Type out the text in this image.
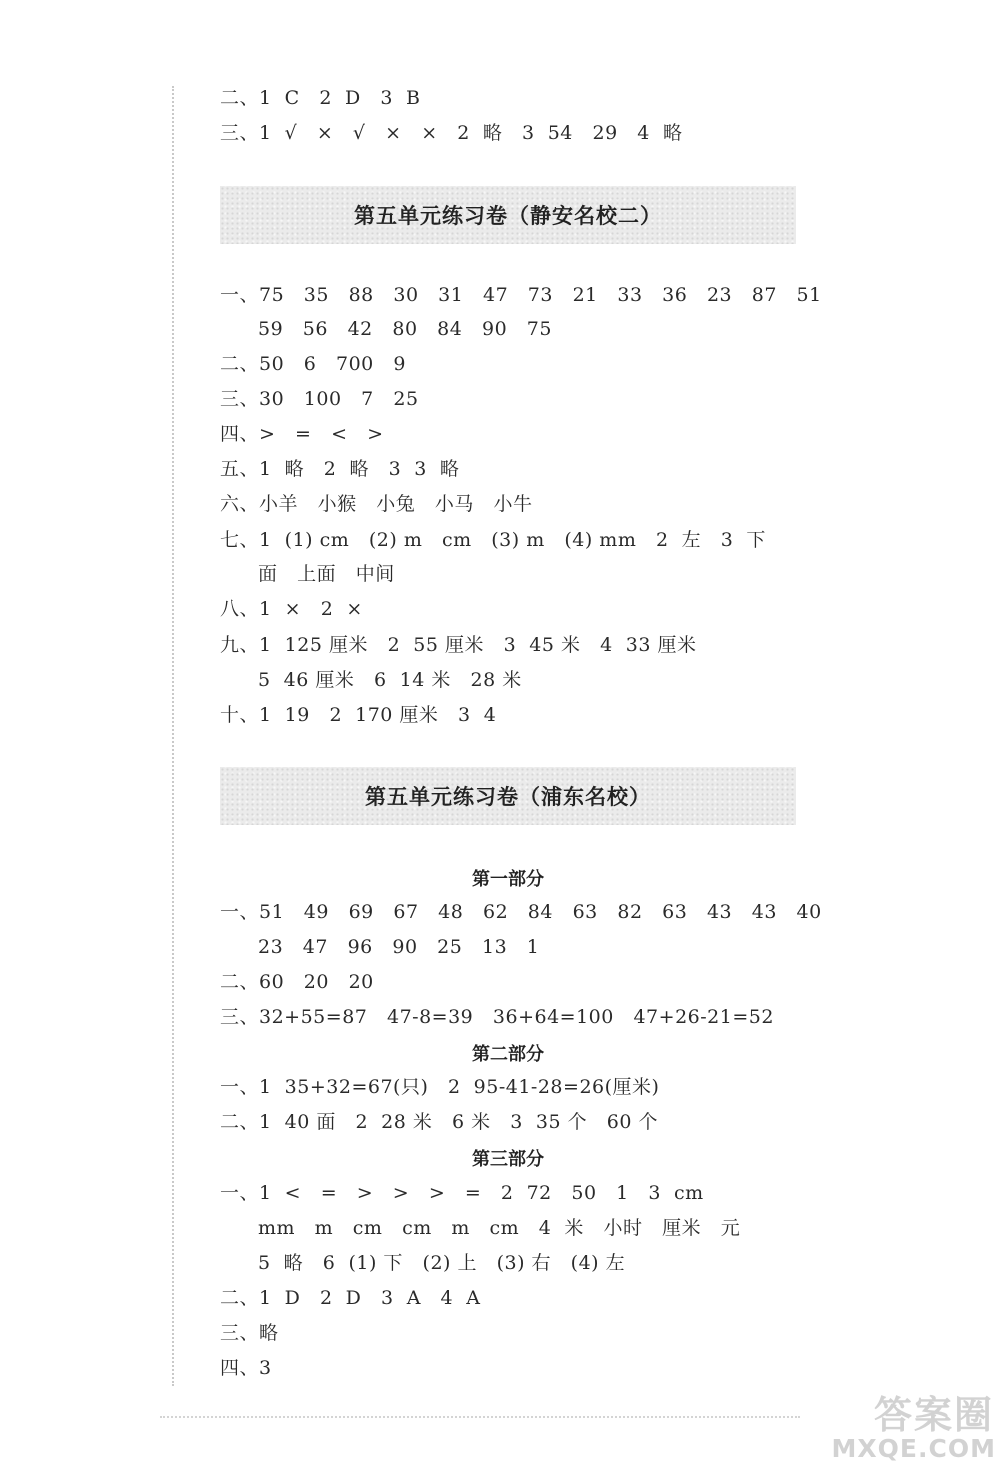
二、1  C   2  D   3  B
三、1  √   ×   √   ×   ×   2  略   3  54   29   4  略
第五单元练习卷（静安名校二）
一、75   35   88   30   31   47   73   21   33   36   23   87   51
59   56   42   80   84   90   75
二、50   6   700   9
三、30   100   7   25
四、>   =   <   >
五、1  略   2  略   3  3  略
六、小羊   小猴   小兔   小马   小牛
七、1  (1) cm   (2) m   cm   (3) m   (4) mm   2  左   3  下
面   上面   中间
八、1  ×   2  ×
九、1  125 厘米   2  55 厘米   3  45 米   4  33 厘米
5  46 厘米   6  14 米   28 米
十、1  19   2  170 厘米   3  4
第五单元练习卷（浦东名校）
第一部分
一、51   49   69   67   48   62   84   63   82   63   43   43   40
23   47   96   90   25   13   1
二、60   20   20
三、32+55=87   47-8=39   36+64=100   47+26-21=52
第二部分
一、1  35+32=67(只)   2  95-41-28=26(厘米)
二、1  40 面   2  28 米   6 米   3  35 个   60 个
第三部分
一、1  <   =   >   >   >   =   2  72   50   1   3  cm
mm   m   cm   cm   m   cm   4  米   小时   厘米   元
5  略   6  (1) 下   (2) 上   (3) 右   (4) 左
二、1  D   2  D   3  A   4  A
三、略
四、3
答案圈
MXQE.COM
